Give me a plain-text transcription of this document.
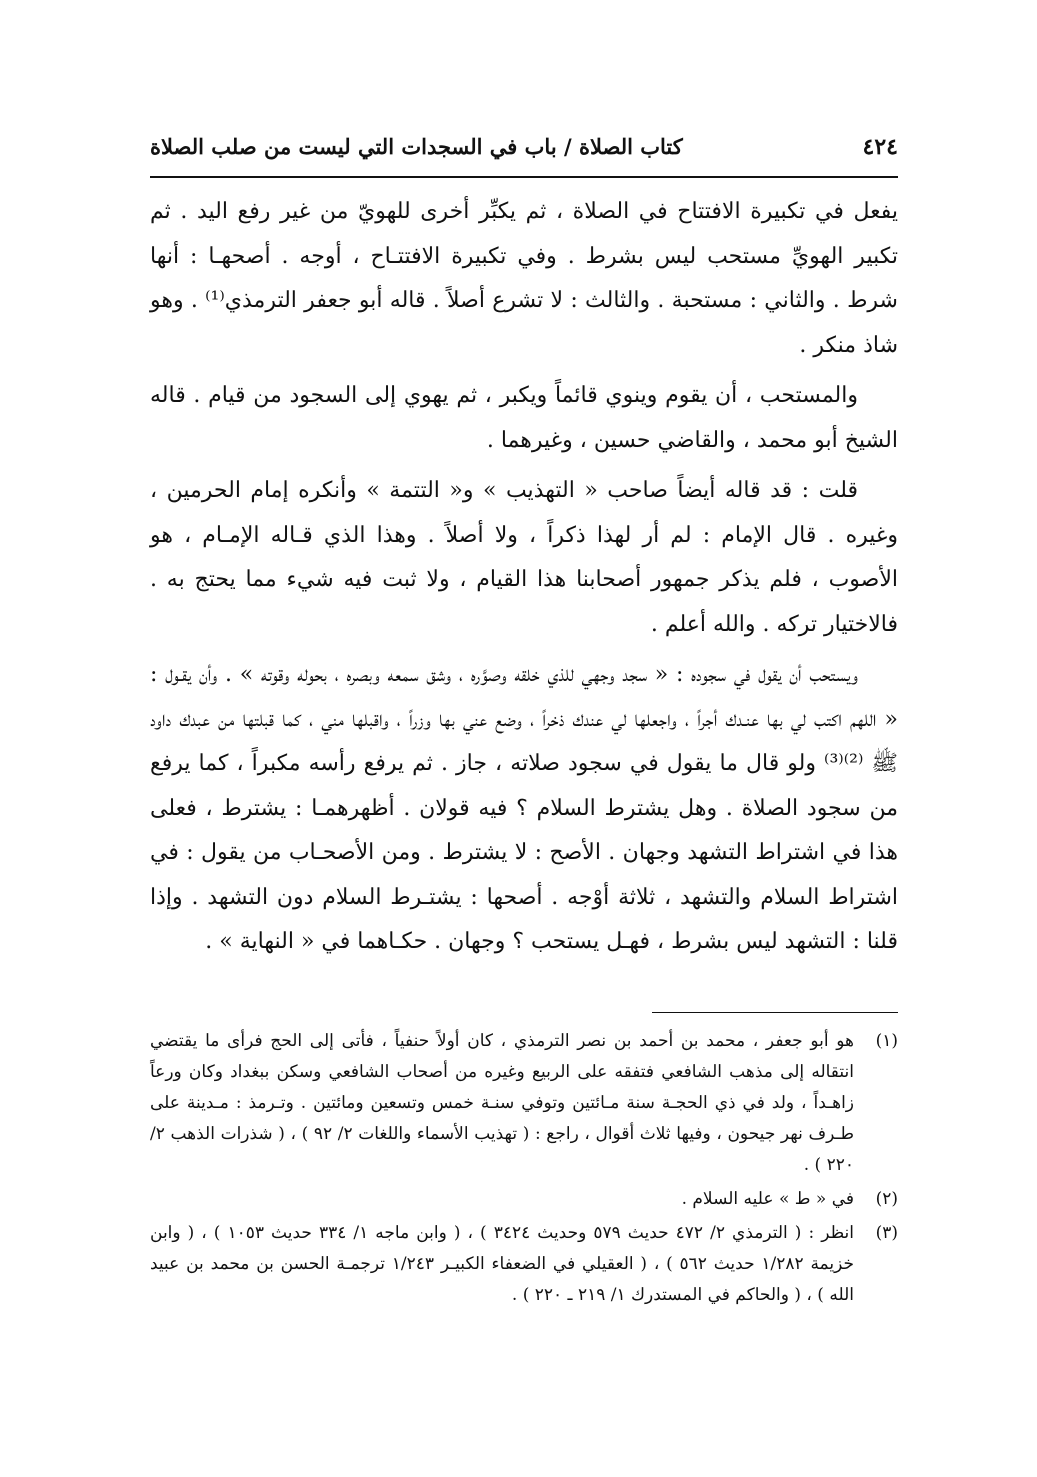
٤٢٤
كتاب الصلاة / باب في السجدات التي ليست من صلب الصلاة

يفعل في تكبيرة الافتتاح في الصلاة ، ثم يكبِّر أخرى للهويّ من غير رفع اليد . ثم تكبير الهويِّ مستحب ليس بشرط . وفي تكبيرة الافتتـاح ، أوجه . أصحهـا : أنها شرط . والثاني : مستحبة . والثالث : لا تشرع أصلاً . قاله أبو جعفر الترمذي⁽¹⁾ . وهو شاذ منكر .

والمستحب ، أن يقوم وينوي قائماً ويكبر ، ثم يهوي إلى السجود من قيام . قاله الشيخ أبو محمد ، والقاضي حسين ، وغيرهما .

قلت : قد قاله أيضاً صاحب « التهذيب » و« التتمة » وأنكره إمام الحرمين ، وغيره . قال الإمام : لم أر لهذا ذكراً ، ولا أصلاً . وهذا الذي قـاله الإمـام ، هو الأصوب ، فلم يذكر جمهور أصحابنا هذا القيام ، ولا ثبت فيه شيء مما يحتج به . فالاختيار تركه . والله أعلم .

ويستحب أن يقول في سجوده : « سجد وجهي للذي خلقه وصوَّره ، وشق سمعه وبصره ، بحوله وقوته » . وأن يقـول : « اللهم اكتب لي بها عنـدك أجراً ، واجعلها لي عندك ذخراً ، وضع عني بها وزراً ، واقبلها مني ، كما قبلتها من عبدك داود ﷺ ⁽²⁾⁽³⁾ ولو قال ما يقول في سجود صلاته ، جاز . ثم يرفع رأسه مكبراً ، كما يرفع من سجود الصلاة . وهل يشترط السلام ؟ فيه قولان . أظهرهمـا : يشترط ، فعلى هذا في اشتراط التشهد وجهان . الأصح : لا يشترط . ومن الأصحـاب من يقول : في اشتراط السلام والتشهد ، ثلاثة أوْجه . أصحها : يشتـرط السلام دون التشهد . وإذا قلنا : التشهد ليس بشرط ، فهـل يستحب ؟ وجهان . حكـاهما في « النهاية » .

(١)
هو أبو جعفر ، محمد بن أحمد بن نصر الترمذي ، كان أولاً حنفياً ، فأتى إلى الحج فرأى ما يقتضي انتقاله إلى مذهب الشافعي فتفقه على الربيع وغيره من أصحاب الشافعي وسكن ببغداد وكان ورعاً زاهـداً ، ولد في ذي الحجـة سنة مـائتين وتوفي سنـة خمس وتسعين ومائتين . وتـرمذ : مـدينة على طـرف نهر جيحون ، وفيها ثلاث أقوال ، راجع : ( تهذيب الأسماء واللغات ٢/ ٩٢ ) ، ( شذرات الذهب ٢/ ٢٢٠ ) .
(٢)
في « ط » عليه السلام .
(٣)
انظر : ( الترمذي ٢/ ٤٧٢ حديث ٥٧٩ وحديث ٣٤٢٤ ) ، ( وابن ماجه ١/ ٣٣٤ حديث ١٠٥٣ ) ، ( وابن خزيمة ١/٢٨٢ حديث ٥٦٢ ) ، ( العقيلي في الضعفاء الكبيـر ١/٢٤٣ ترجمـة الحسن بن محمد بن عبيد الله ) ، ( والحاكم في المستدرك ١/ ٢١٩ ـ ٢٢٠ ) .
